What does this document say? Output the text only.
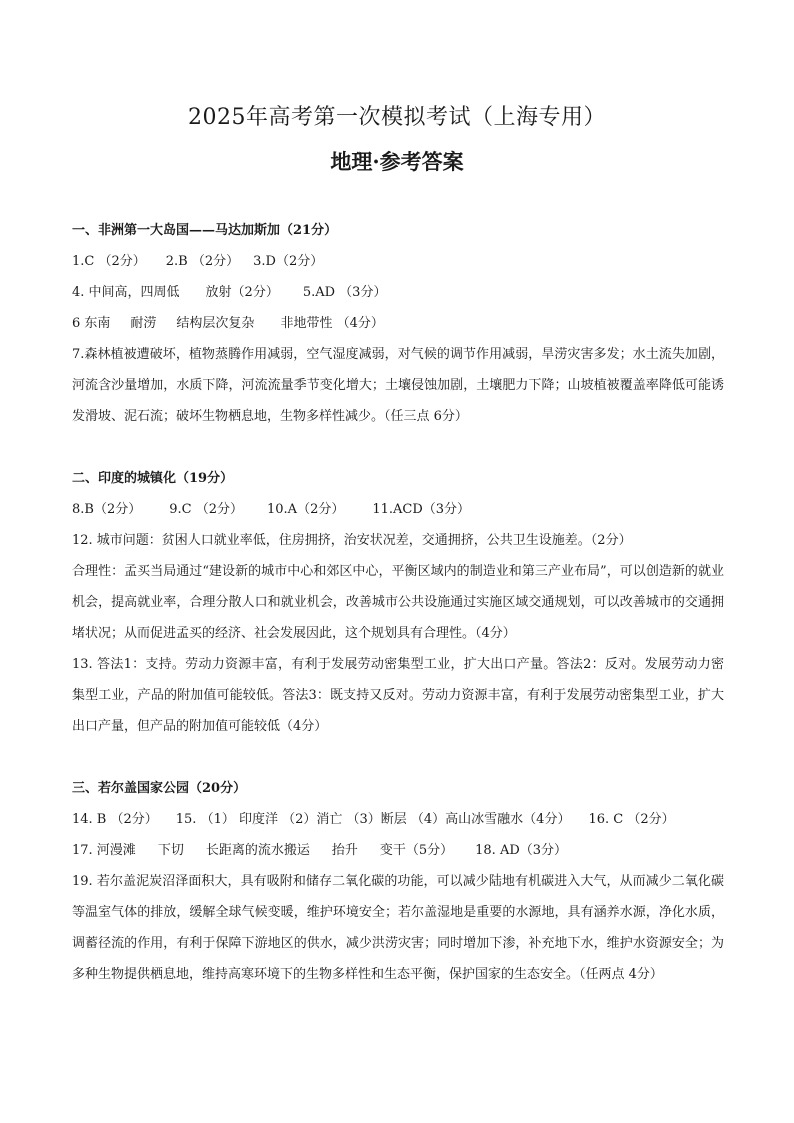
2025年高考第一次模拟考试（上海专用）
地理·参考答案

一、非洲第一大岛国——马达加斯加（21分）

1.C （2分） 2.B （2分） 3.D（2分）

4. 中间高，四周低 放射（2分） 5.AD （3分）

6 东南 耐涝 结构层次复杂 非地带性 （4分）

7.森林植被遭破坏，植物蒸腾作用减弱，空气湿度减弱，对气候的调节作用减弱，旱涝灾害多发；水土流失加剧，河流含沙量增加，水质下降，河流流量季节变化增大；土壤侵蚀加剧，土壤肥力下降；山坡植被覆盖率降低可能诱发滑坡、泥石流；破坏生物栖息地，生物多样性减少。（任三点 6分）

二、印度的城镇化（19分）

8.B（2分） 9.C （2分） 10.A（2分） 11.ACD（3分）

12. 城市问题：贫困人口就业率低，住房拥挤，治安状况差，交通拥挤，公共卫生设施差。（2分）

合理性：孟买当局通过“建设新的城市中心和郊区中心，平衡区域内的制造业和第三产业布局”，可以创造新的就业机会，提高就业率，合理分散人口和就业机会，改善城市公共设施通过实施区域交通规划，可以改善城市的交通拥堵状况；从而促进孟买的经济、社会发展因此，这个规划具有合理性。（4分）

13. 答法1：支持。劳动力资源丰富，有利于发展劳动密集型工业，扩大出口产量。答法2：反对。发展劳动力密集型工业，产品的附加值可能较低。答法3：既支持又反对。劳动力资源丰富，有利于发展劳动密集型工业，扩大出口产量，但产品的附加值可能较低（4分）

三、若尔盖国家公园（20分）

14. B （2分） 15. （1） 印度洋 （2）消亡 （3）断层 （4）高山冰雪融水（4分） 16. C （2分）

17. 河漫滩 下切 长距离的流水搬运 抬升 变干（5分） 18. AD（3分）

19. 若尔盖泥炭沼泽面积大，具有吸附和储存二氧化碳的功能，可以减少陆地有机碳进入大气，从而减少二氧化碳等温室气体的排放，缓解全球气候变暖，维护环境安全；若尔盖湿地是重要的水源地，具有涵养水源，净化水质，调蓄径流的作用，有利于保障下游地区的供水，减少洪涝灾害；同时增加下渗，补充地下水，维护水资源安全；为多种生物提供栖息地，维持高寒环境下的生物多样性和生态平衡，保护国家的生态安全。（任两点 4分）
